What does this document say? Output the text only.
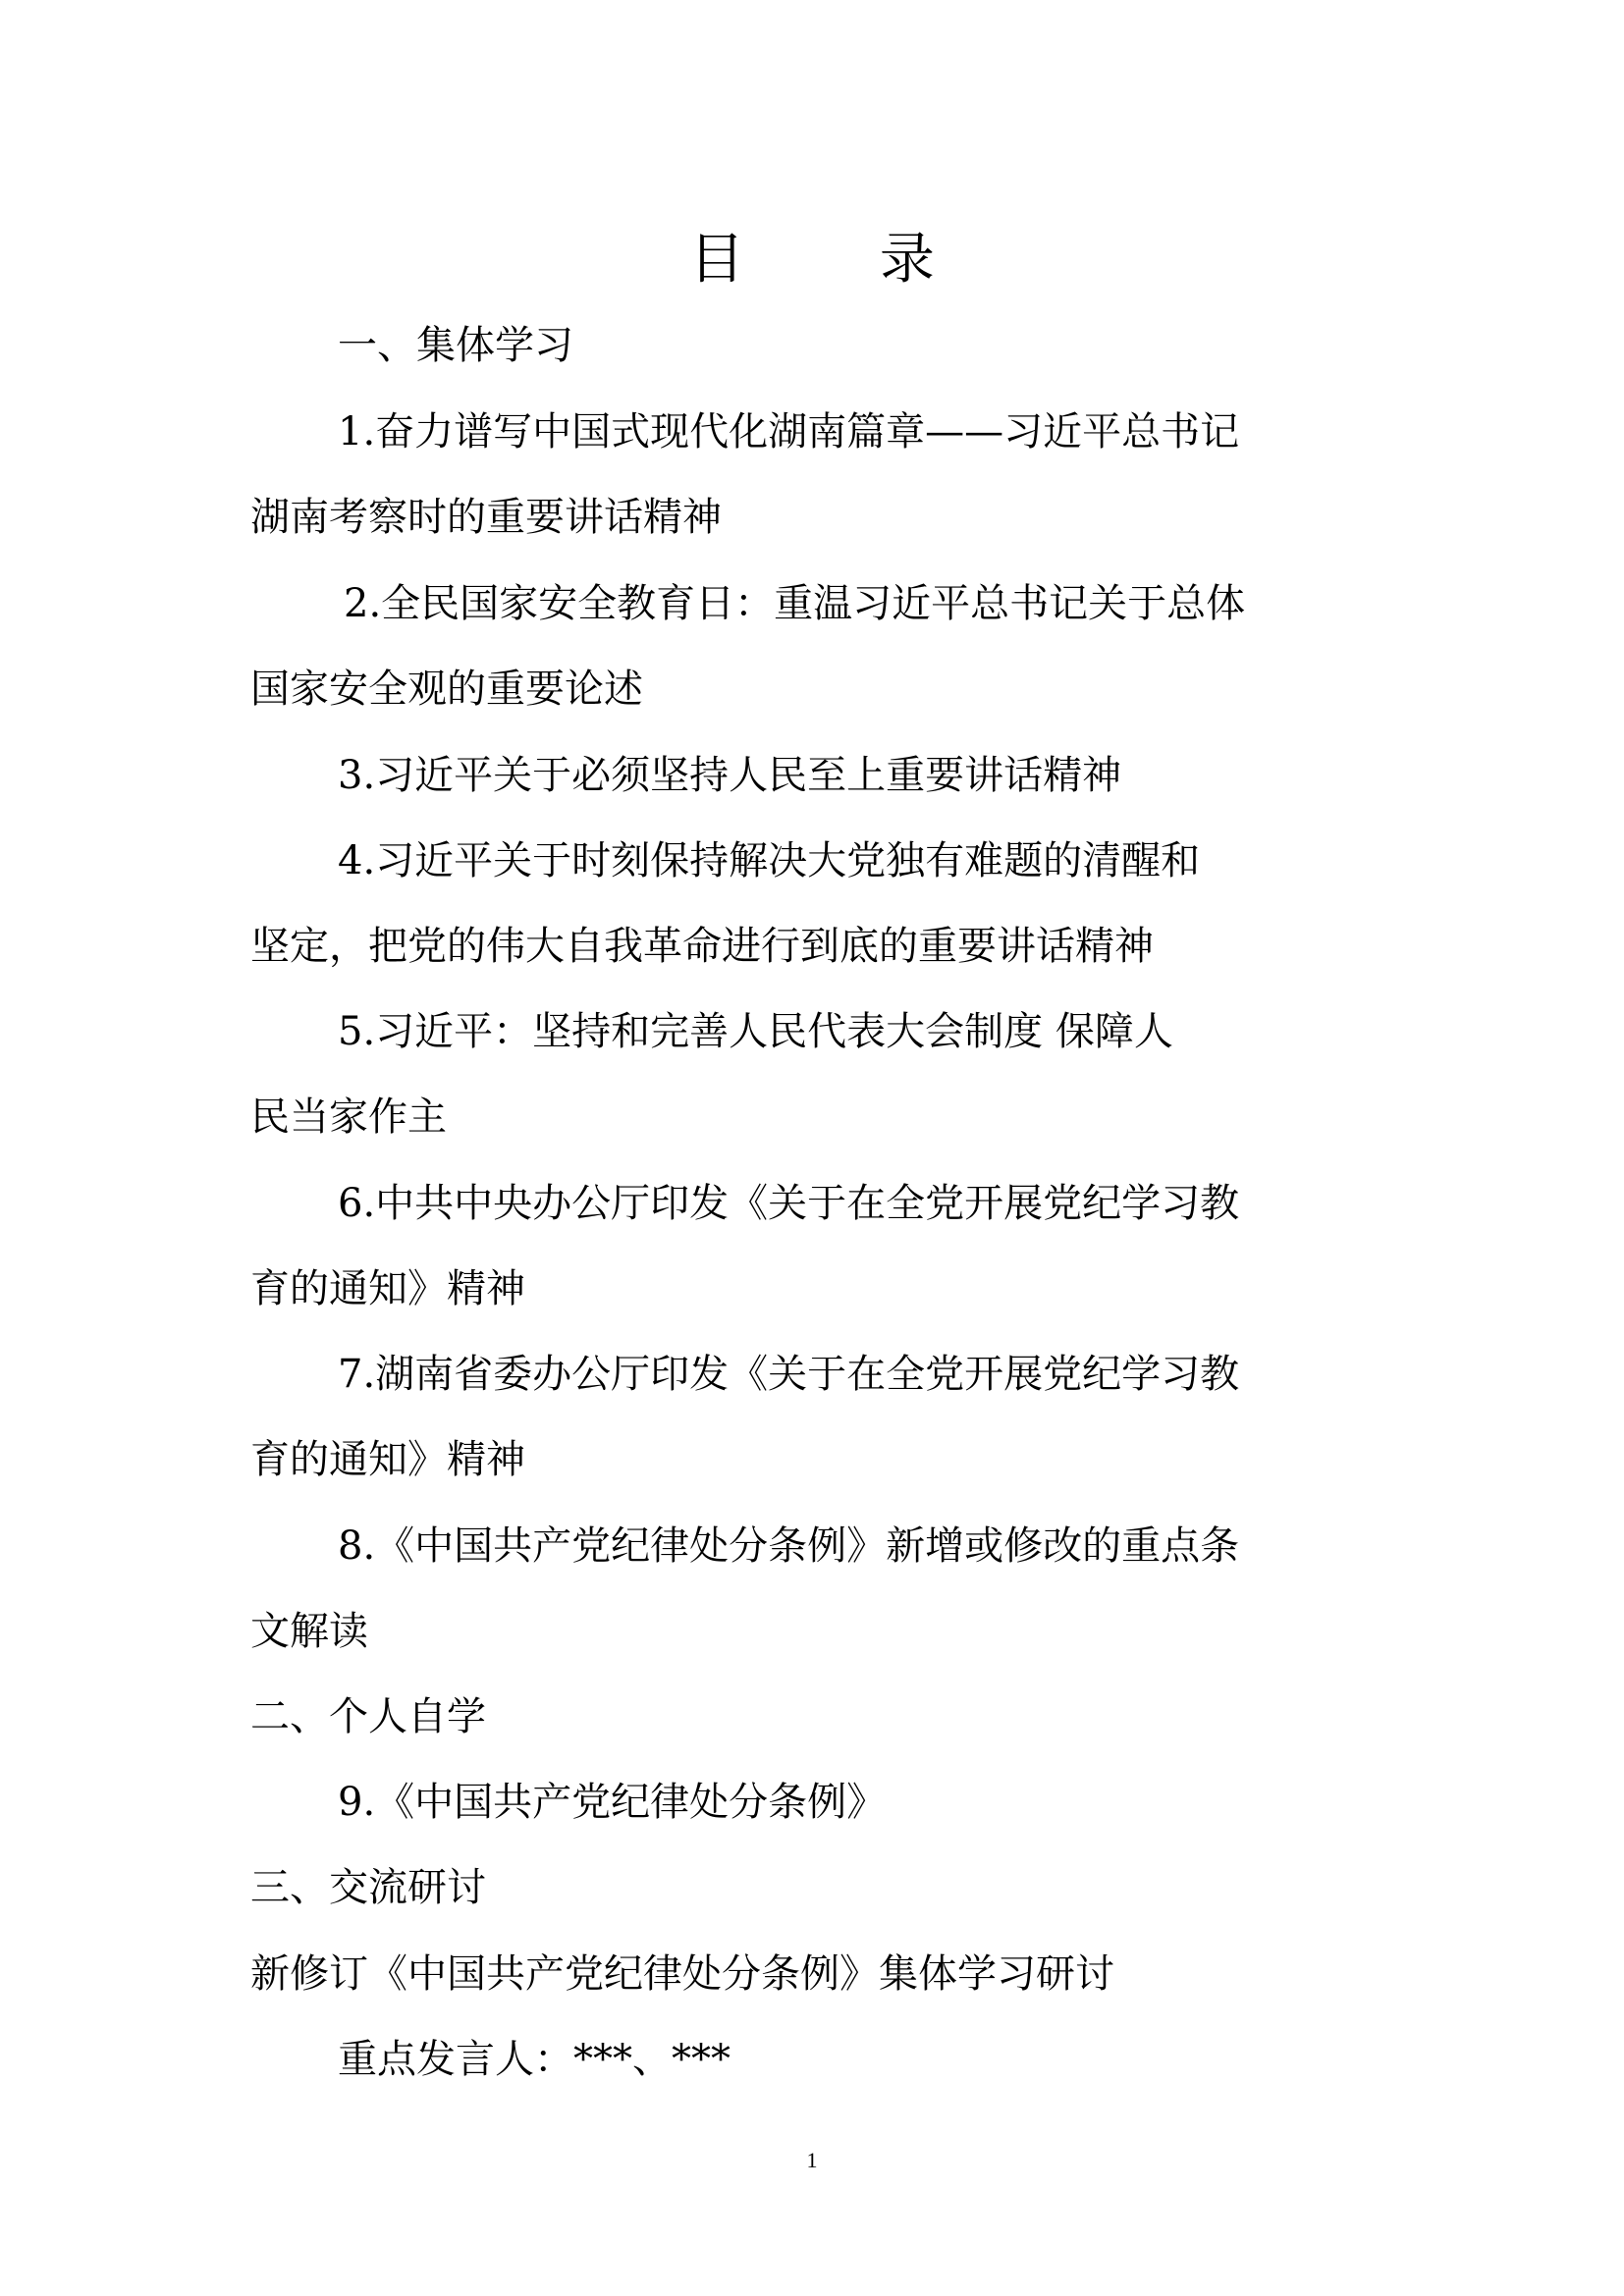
目 录
一、集体学习
1.奋力谱写中国式现代化湖南篇章——习近平总书记
湖南考察时的重要讲话精神
2.全民国家安全教育日：重温习近平总书记关于总体
国家安全观的重要论述
3.习近平关于必须坚持人民至上重要讲话精神
4.习近平关于时刻保持解决大党独有难题的清醒和
坚定，把党的伟大自我革命进行到底的重要讲话精神
5.习近平：坚持和完善人民代表大会制度 保障人
民当家作主
6.中共中央办公厅印发《关于在全党开展党纪学习教
育的通知》精神
7.湖南省委办公厅印发《关于在全党开展党纪学习教
育的通知》精神
8.《中国共产党纪律处分条例》新增或修改的重点条
文解读
二、个人自学
9.《中国共产党纪律处分条例》
三、交流研讨
新修订《中国共产党纪律处分条例》集体学习研讨
重点发言人：***、***
1
